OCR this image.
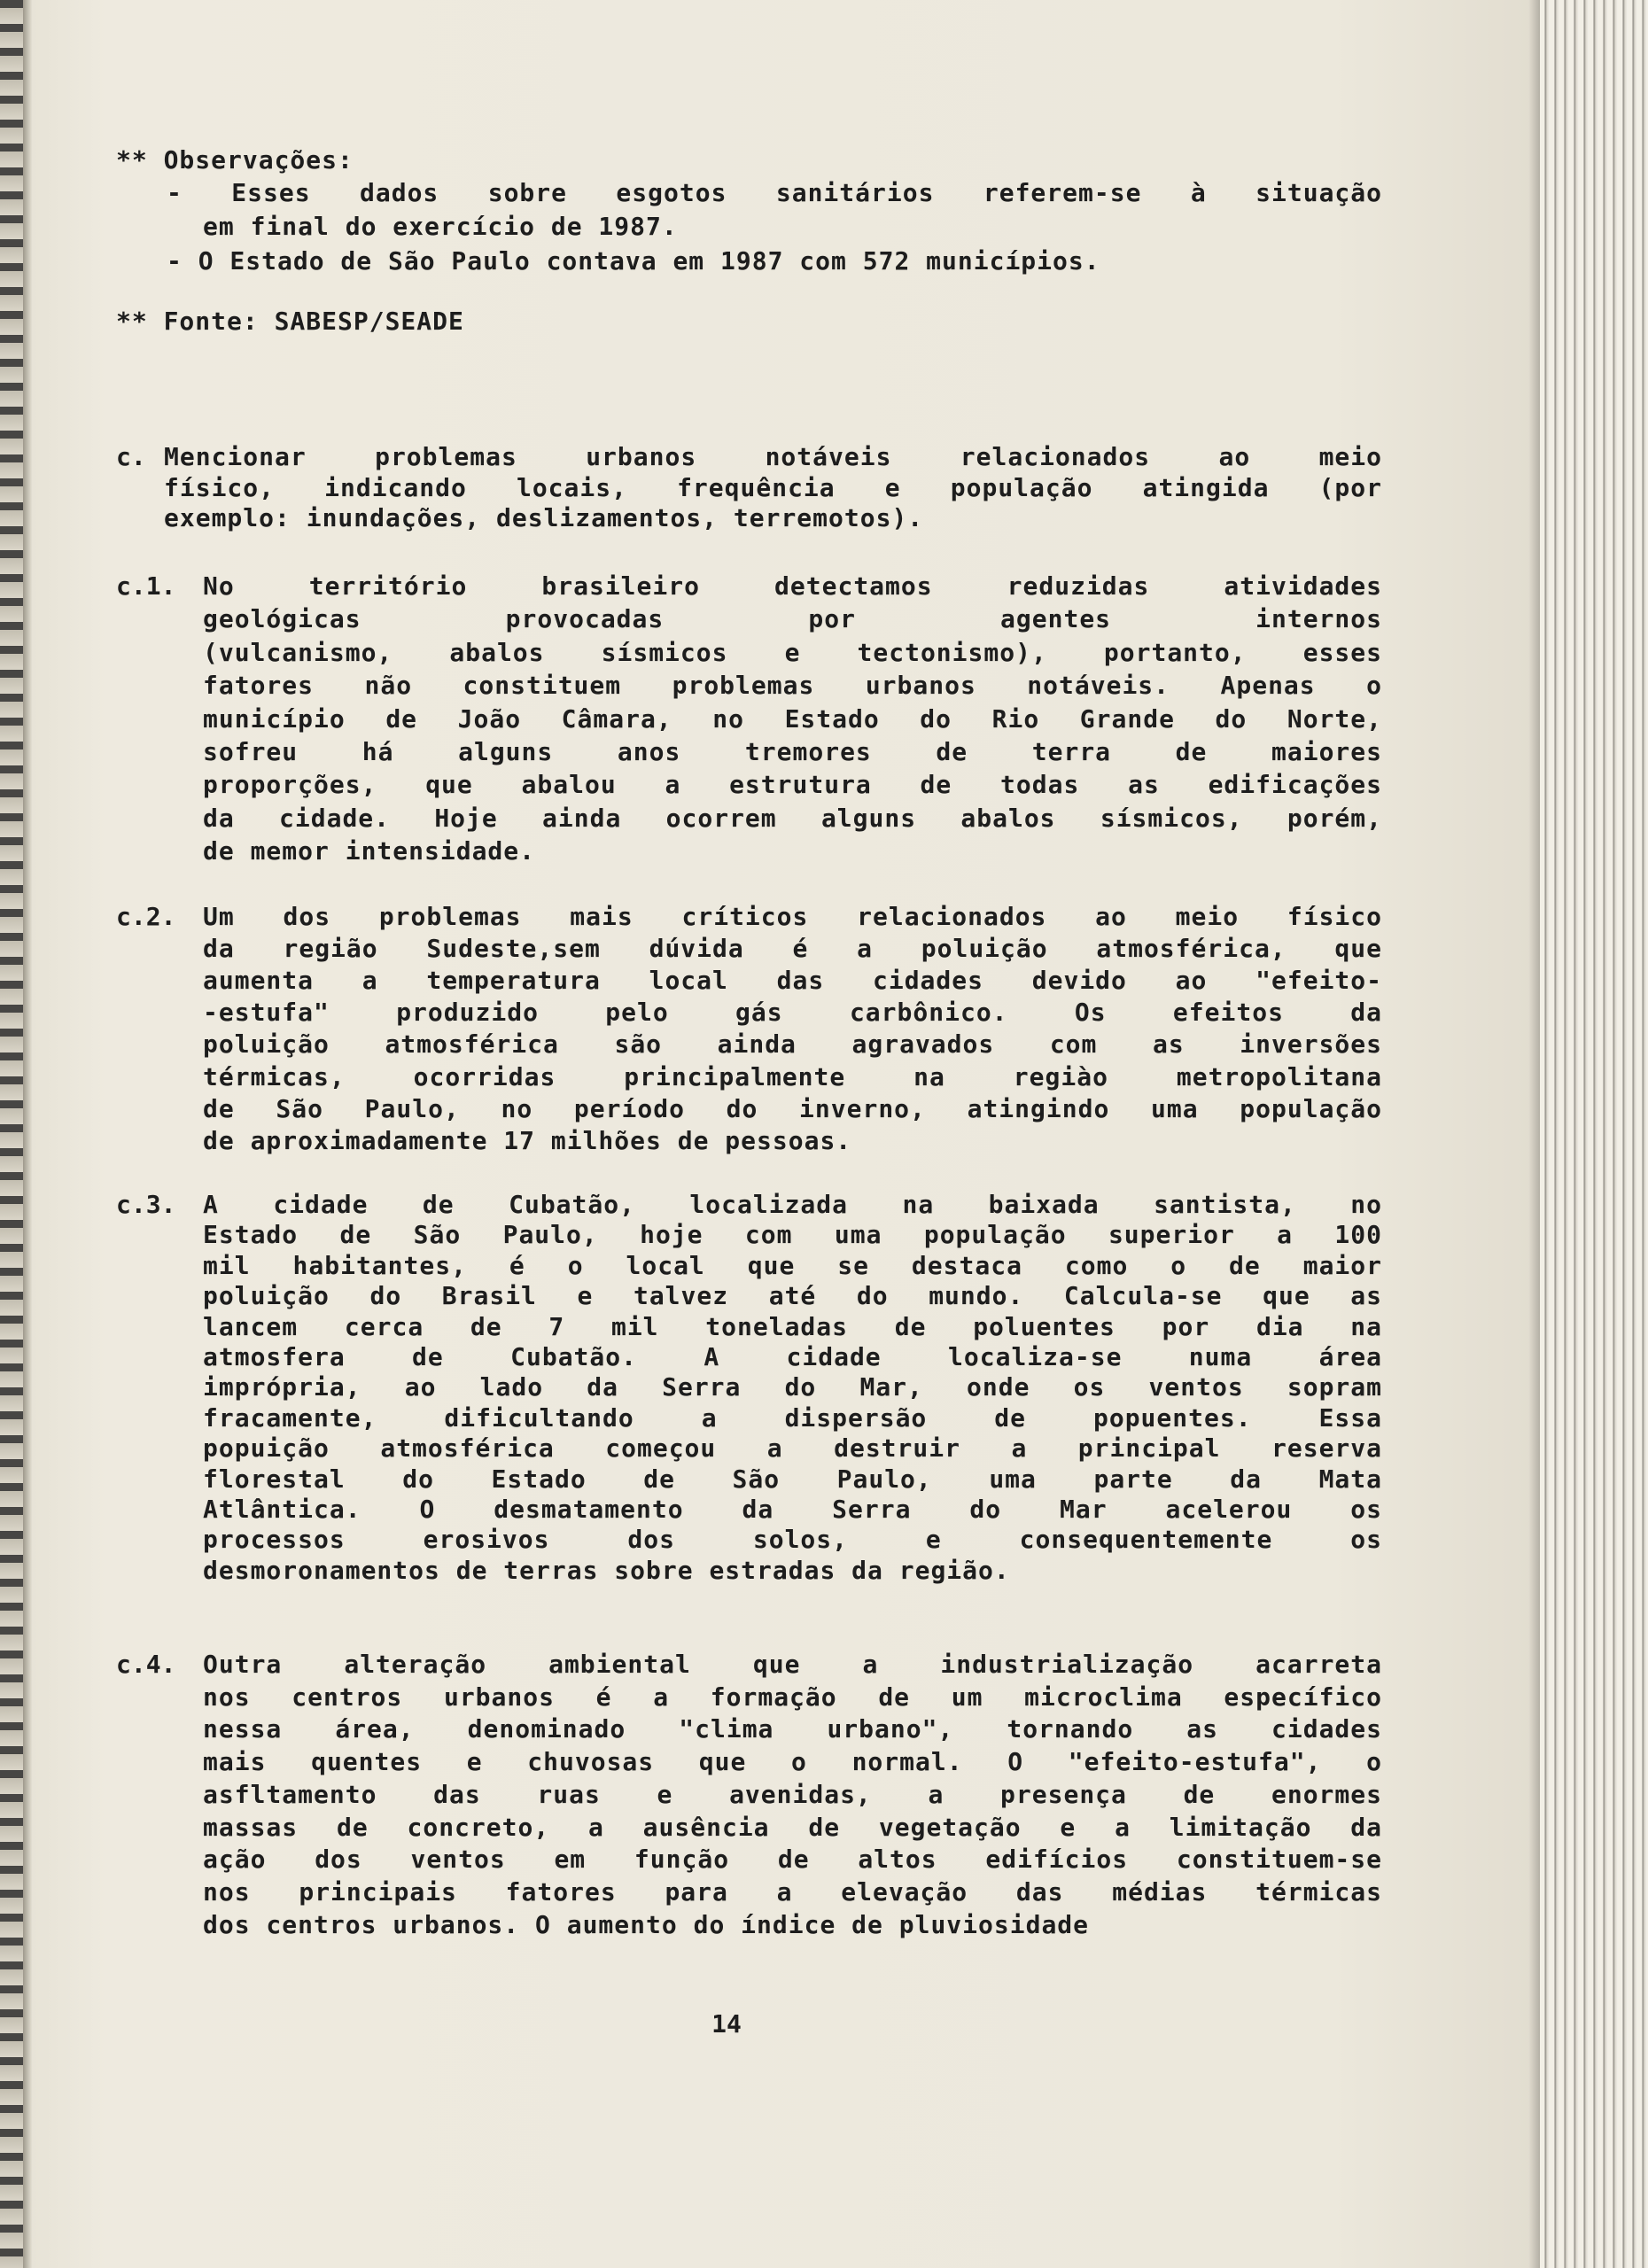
** Observações:
- Esses dados sobre esgotos sanitários referem-se à situação
em final do exercício de 1987.
- O Estado de São Paulo contava em 1987 com 572 municípios.
** Fonte: SABESP/SEADE
c. Mencionar problemas urbanos notáveis relacionados ao meio
físico, indicando locais, frequência e população atingida (por
exemplo: inundações, deslizamentos, terremotos).
c.1. No território brasileiro detectamos reduzidas atividades
geológicas provocadas por agentes internos
(vulcanismo, abalos sísmicos e tectonismo), portanto, esses
fatores não constituem problemas urbanos notáveis. Apenas o
município de João Câmara, no Estado do Rio Grande do Norte,
sofreu há alguns anos tremores de terra de maiores
proporções, que abalou a estrutura de todas as edificações
da cidade. Hoje ainda ocorrem alguns abalos sísmicos, porém,
de memor intensidade.
c.2. Um dos problemas mais críticos relacionados ao meio físico
da região Sudeste,sem dúvida é a poluição atmosférica, que
aumenta a temperatura local das cidades devido ao "efeito-
-estufa" produzido pelo gás carbônico. Os efeitos da
poluição atmosférica são ainda agravados com as inversões
térmicas, ocorridas principalmente na regiào metropolitana
de São Paulo, no período do inverno, atingindo uma população
de aproximadamente 17 milhões de pessoas.
c.3. A cidade de Cubatão, localizada na baixada santista, no
Estado de São Paulo, hoje com uma população superior a 100
mil habitantes, é o local que se destaca como o de maior
poluição do Brasil e talvez até do mundo. Calcula-se que as
lancem cerca de 7 mil toneladas de poluentes por dia na
atmosfera de Cubatão. A cidade localiza-se numa área
imprópria, ao lado da Serra do Mar, onde os ventos sopram
fracamente, dificultando a dispersão de popuentes. Essa
popuição atmosférica começou a destruir a principal reserva
florestal do Estado de São Paulo, uma parte da Mata
Atlântica. O desmatamento da Serra do Mar acelerou os
processos erosivos dos solos, e consequentemente os
desmoronamentos de terras sobre estradas da região.
c.4. Outra alteração ambiental que a industrialização acarreta
nos centros urbanos é a formação de um microclima específico
nessa área, denominado "clima urbano", tornando as cidades
mais quentes e chuvosas que o normal. O "efeito-estufa", o
asfltamento das ruas e avenidas, a presença de enormes
massas de concreto, a ausência de vegetação e a limitação da
ação dos ventos em função de altos edifícios constituem-se
nos principais fatores para a elevação das médias térmicas
dos centros urbanos. O aumento do índice de pluviosidade
14
